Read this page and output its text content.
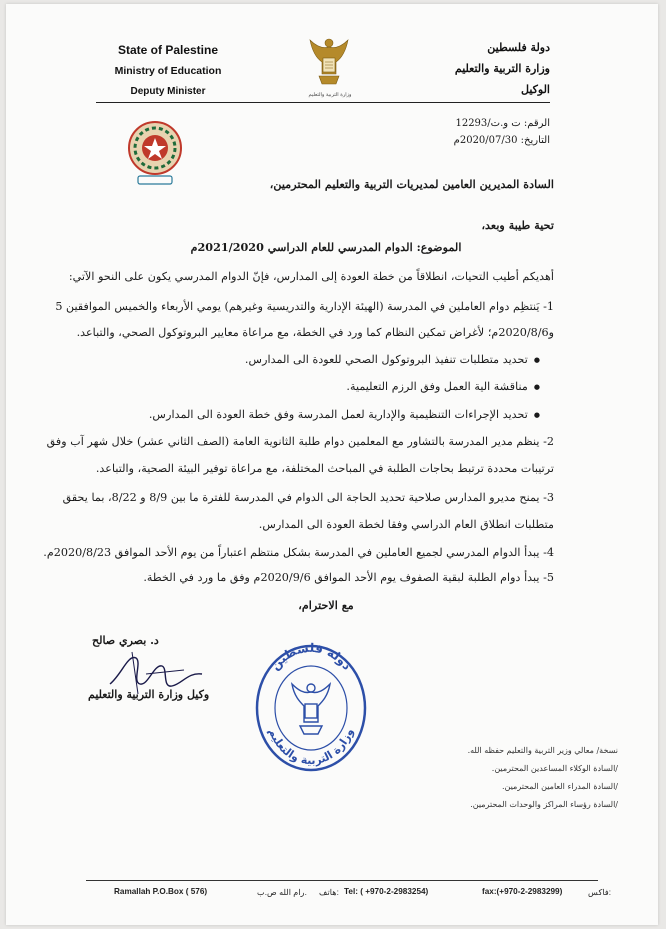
State of Palestine
Ministry of Education
Deputy Minister	وزارة التربية والتعليم
دولة فلسطين
وزارة التربية والتعليم
الوكيل
الرقم: ت و.ت/12293
التاريخ: 2020/07/30م
السادة المديرين العامين لمديريات التربية والتعليم المحترمين،
تحية طيبة وبعد،
الموضوع: الدوام المدرسي للعام الدراسي 2021/2020م
أهديكم أطيب التحيات، انطلاقاً من خطة العودة إلى المدارس، فإنّ الدوام المدرسي يكون على النحو الآتي:
1- يَنتظِم دوام العاملين في المدرسة (الهيئة الإدارية والتدريسية وغيرهم) يومي الأربعاء والخميس الموافقين 5
و2020/8/6م؛ لأغراض تمكين النظام كما ورد في الخطة، مع مراعاة معايير البروتوكول الصحي، والتباعد.
● تحديد متطلبات تنفيذ البروتوكول الصحي للعودة الى المدارس.
● مناقشة الية العمل وفق الرزم التعليمية.
● تحديد الإجراءات التنظيمية والإدارية لعمل المدرسة وفق خطة العودة الى المدارس.
2- ينظم مدير المدرسة بالتشاور مع المعلمين دوام طلبة الثانوية العامة (الصف الثاني عشر) خلال شهر آب وفق
ترتيبات محددة ترتبط بحاجات الطلبة في المباحث المختلفة، مع مراعاة توفير البيئة الصحية، والتباعد.
3- يمنح مديرو المدارس صلاحية تحديد الحاجة الى الدوام في المدرسة للفترة ما بين 8/9 و 8/22، بما يحقق
متطلبات انطلاق العام الدراسي وفقا لخطة العودة الى المدارس.
4- يبدأ الدوام المدرسي لجميع العاملين في المدرسة بشكل منتظم اعتباراً من يوم الأحد الموافق 2020/8/23م.
5- يبدأ دوام الطلبة لبقية الصفوف يوم الأحد الموافق 2020/9/6م وفق ما ورد في الخطة.
مع الاحترام،
د. بصري صالح
وكيل وزارة التربية والتعليم
دولة فلسطين
وزارة التربية والتعليم
نسخة/ معالي وزير التربية والتعليم حفظه الله.
/السادة الوكلاء المساعدين المحترمين.
/السادة المدراء العامين المحترمين.
/السادة رؤساء المراكز والوحدات المحترمين.
Ramallah P.O.Box ( 576)	رام الله ص.ب. هاتف: Tel: ( +970-2-2983254)	fax:(+970-2-2983299)	فاكس:
